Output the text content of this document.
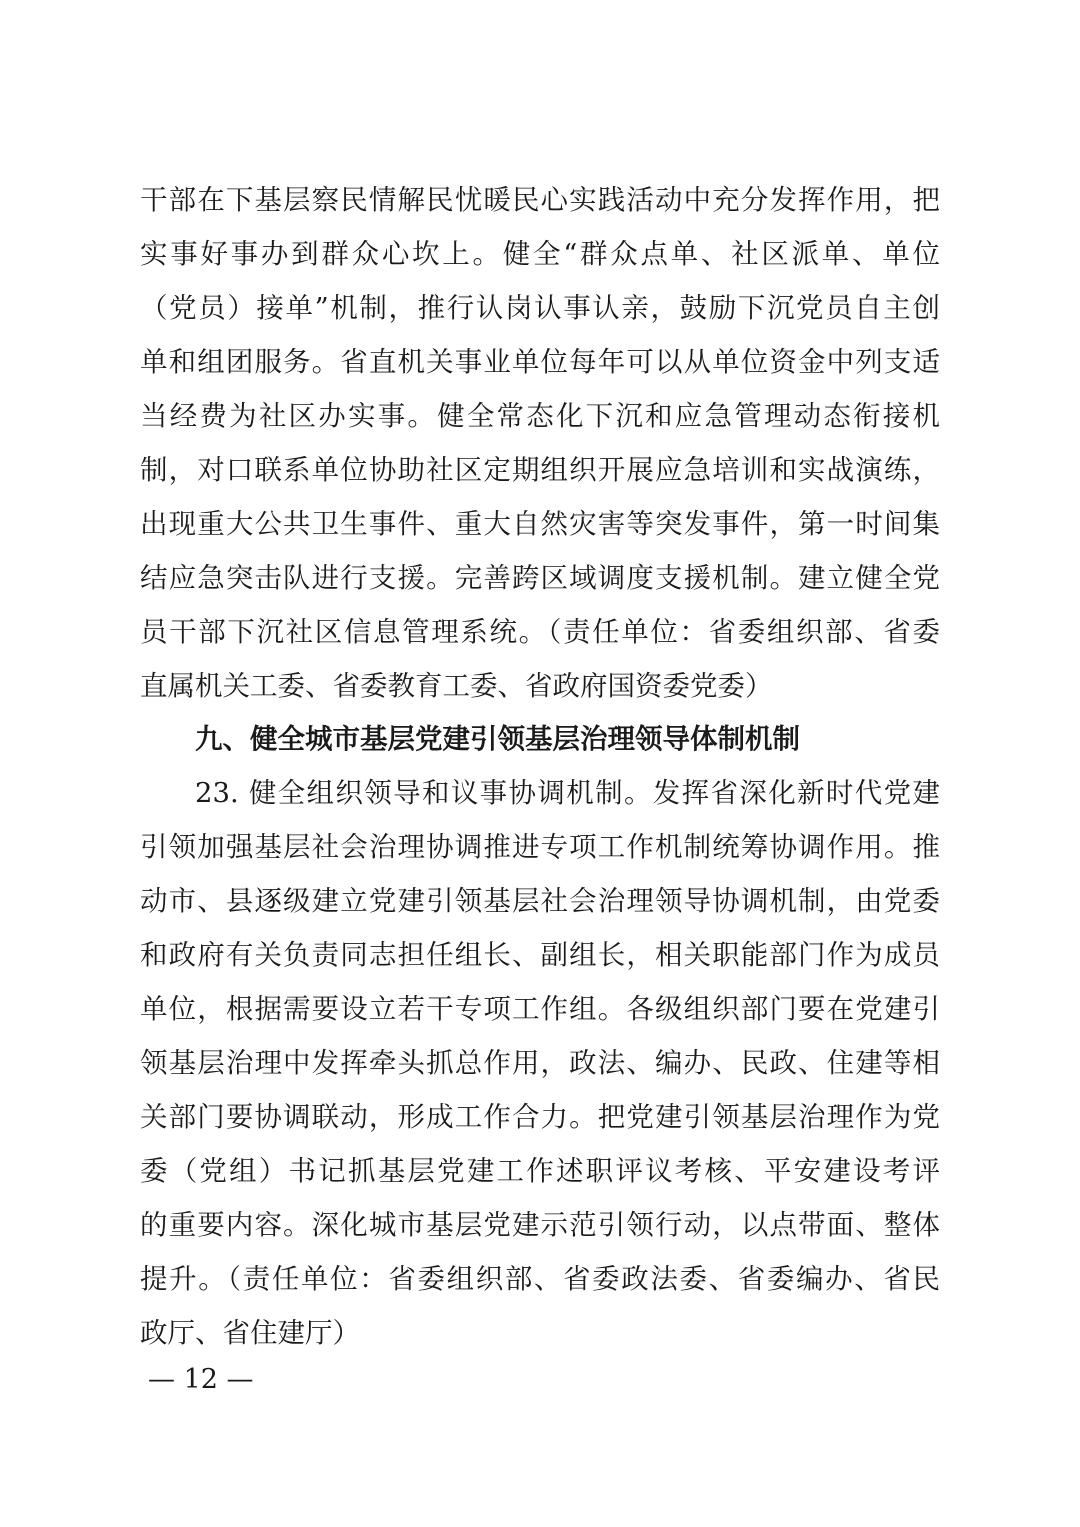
干部在下基层察民情解民忧暖民心实践活动中充分发挥作用，把
实事好事办到群众心坎上。健全“群众点单、社区派单、单位
（党员）接单”机制，推行认岗认事认亲，鼓励下沉党员自主创
单和组团服务。省直机关事业单位每年可以从单位资金中列支适
当经费为社区办实事。健全常态化下沉和应急管理动态衔接机
制，对口联系单位协助社区定期组织开展应急培训和实战演练，
出现重大公共卫生事件、重大自然灾害等突发事件，第一时间集
结应急突击队进行支援。完善跨区域调度支援机制。建立健全党
员干部下沉社区信息管理系统。（责任单位：省委组织部、省委
直属机关工委、省委教育工委、省政府国资委党委）
九、健全城市基层党建引领基层治理领导体制机制
23. 健全组织领导和议事协调机制。发挥省深化新时代党建
引领加强基层社会治理协调推进专项工作机制统筹协调作用。推
动市、县逐级建立党建引领基层社会治理领导协调机制，由党委
和政府有关负责同志担任组长、副组长，相关职能部门作为成员
单位，根据需要设立若干专项工作组。各级组织部门要在党建引
领基层治理中发挥牵头抓总作用，政法、编办、民政、住建等相
关部门要协调联动，形成工作合力。把党建引领基层治理作为党
委（党组）书记抓基层党建工作述职评议考核、平安建设考评
的重要内容。深化城市基层党建示范引领行动，以点带面、整体
提升。（责任单位：省委组织部、省委政法委、省委编办、省民
政厅、省住建厅）
— 12 —
